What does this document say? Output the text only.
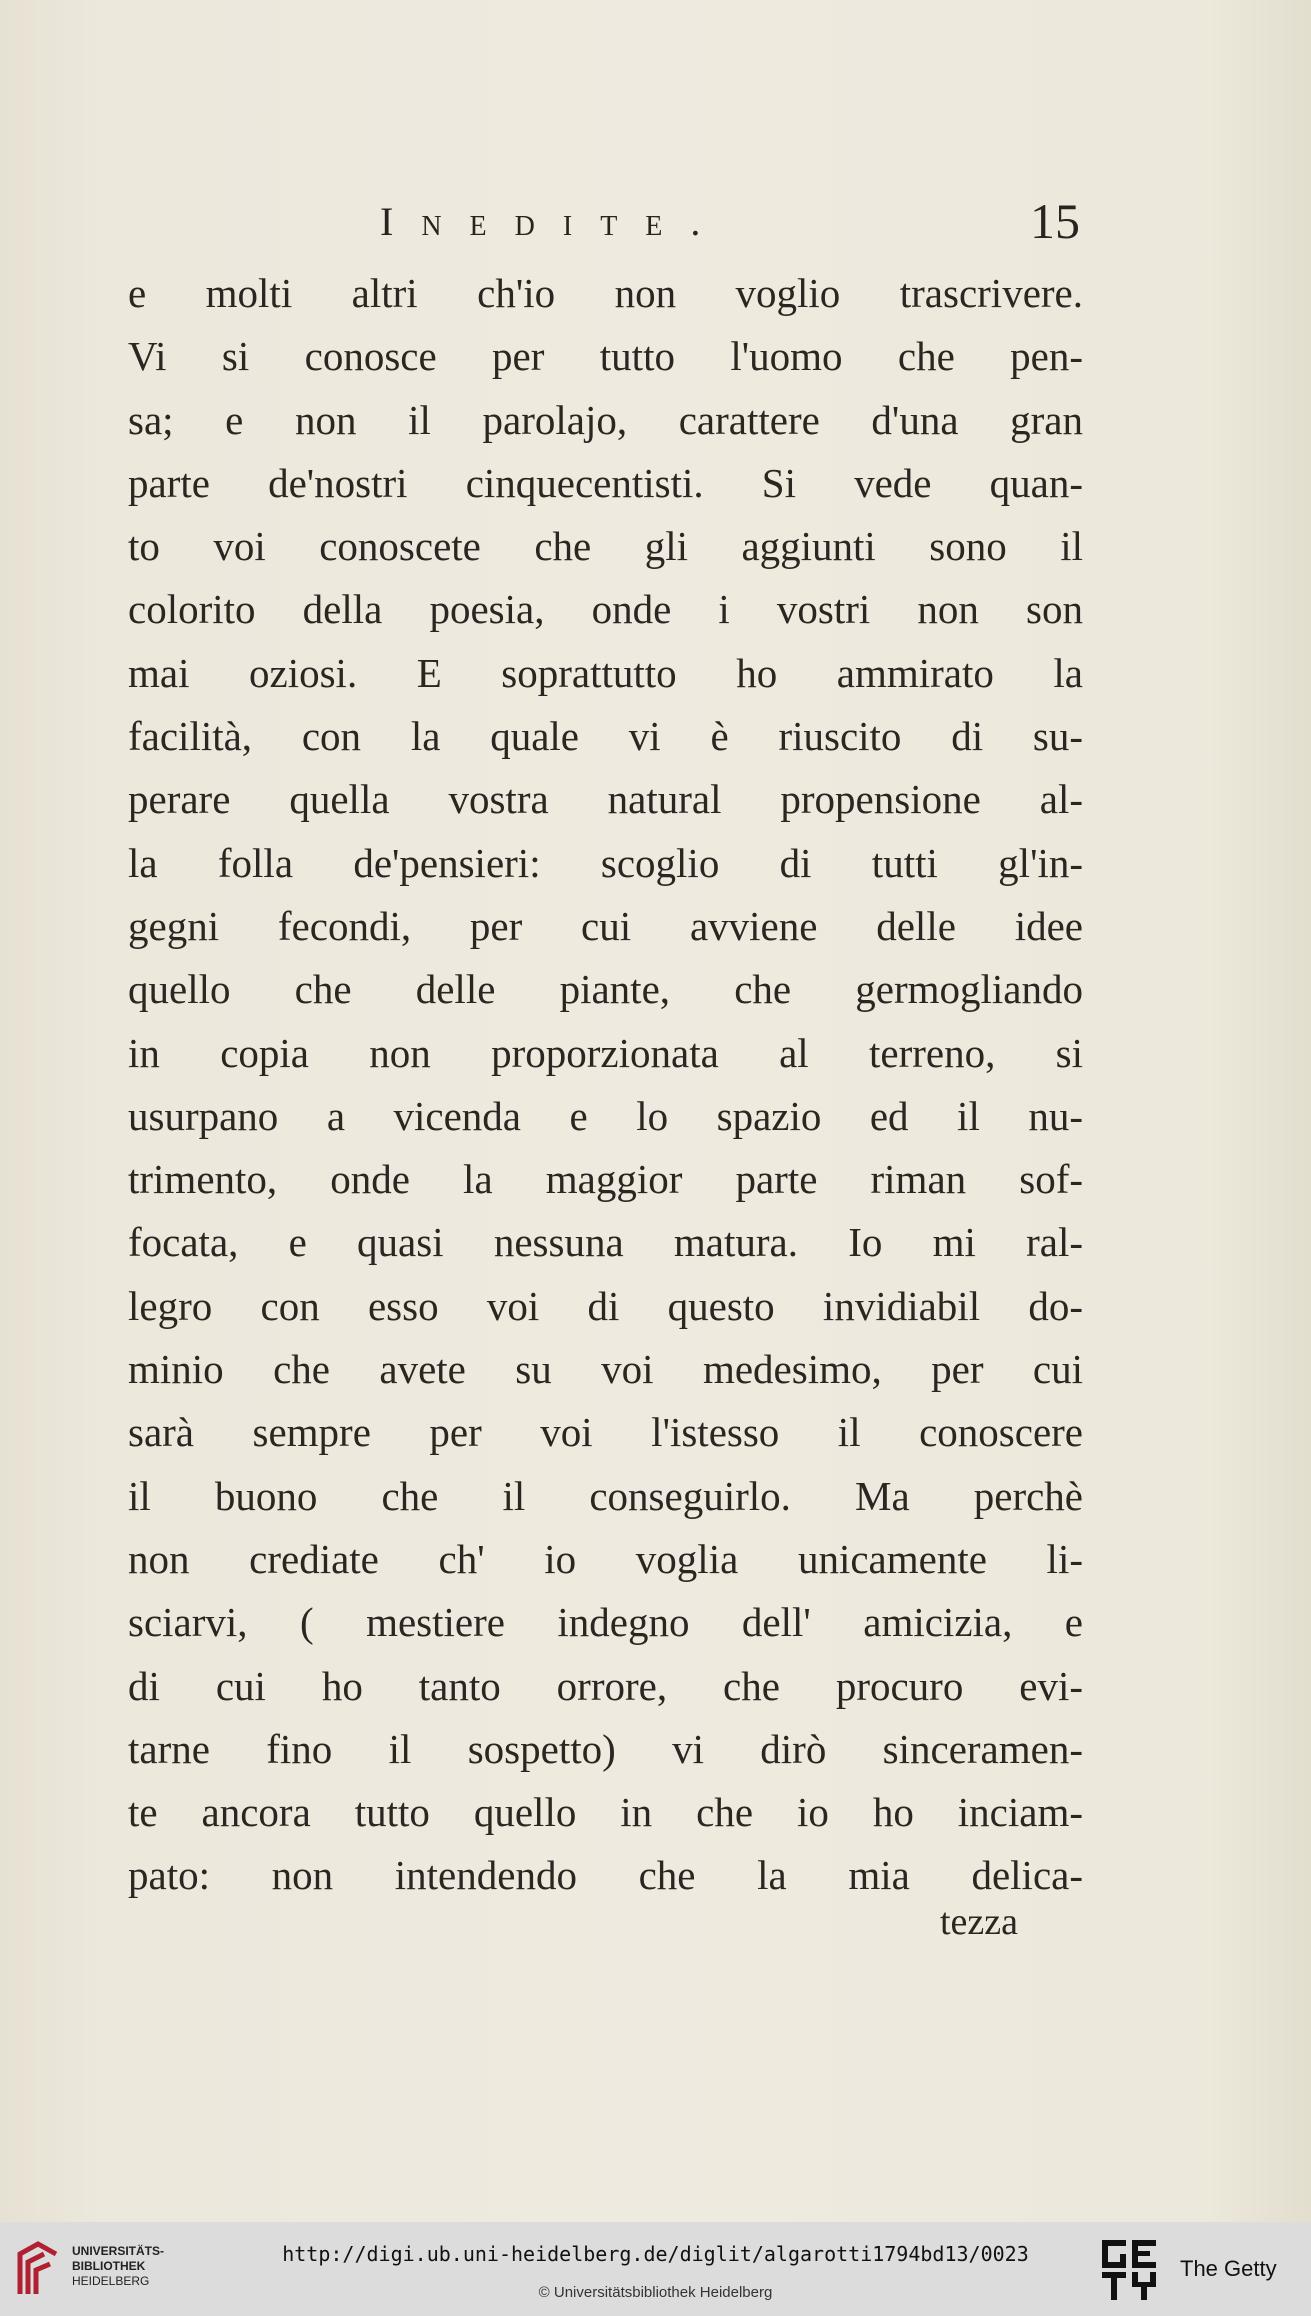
Inedite.	15
e molti altri ch'io non voglio trascrivere.
Vi si conosce per tutto l'uomo che pen-
sa; e non il parolajo, carattere d'una gran
parte de'nostri cinquecentisti. Si vede quan-
to voi conoscete che gli aggiunti sono il
colorito della poesia, onde i vostri non son
mai oziosi. E soprattutto ho ammirato la
facilità, con la quale vi è riuscito di su-
perare quella vostra natural propensione al-
la folla de'pensieri: scoglio di tutti gl'in-
gegni fecondi, per cui avviene delle idee
quello che delle piante, che germogliando
in copia non proporzionata al terreno, si
usurpano a vicenda e lo spazio ed il nu-
trimento, onde la maggior parte riman sof-
focata, e quasi nessuna matura. Io mi ral-
legro con esso voi di questo invidiabil do-
minio che avete su voi medesimo, per cui
sarà sempre per voi l'istesso il conoscere
il buono che il conseguirlo. Ma perchè
non crediate ch' io voglia unicamente li-
sciarvi, ( mestiere indegno dell' amicizia, e
di cui ho tanto orrore, che procuro evi-
tarne fino il sospetto) vi dirò sinceramen-
te ancora tutto quello in che io ho inciam-
pato: non intendendo che la mia delica-
tezza
UNIVERSITÄTS-
BIBLIOTHEK
HEIDELBERG
http://digi.ub.uni-heidelberg.de/diglit/algarotti1794bd13/0023
© Universitätsbibliothek Heidelberg
The Getty
